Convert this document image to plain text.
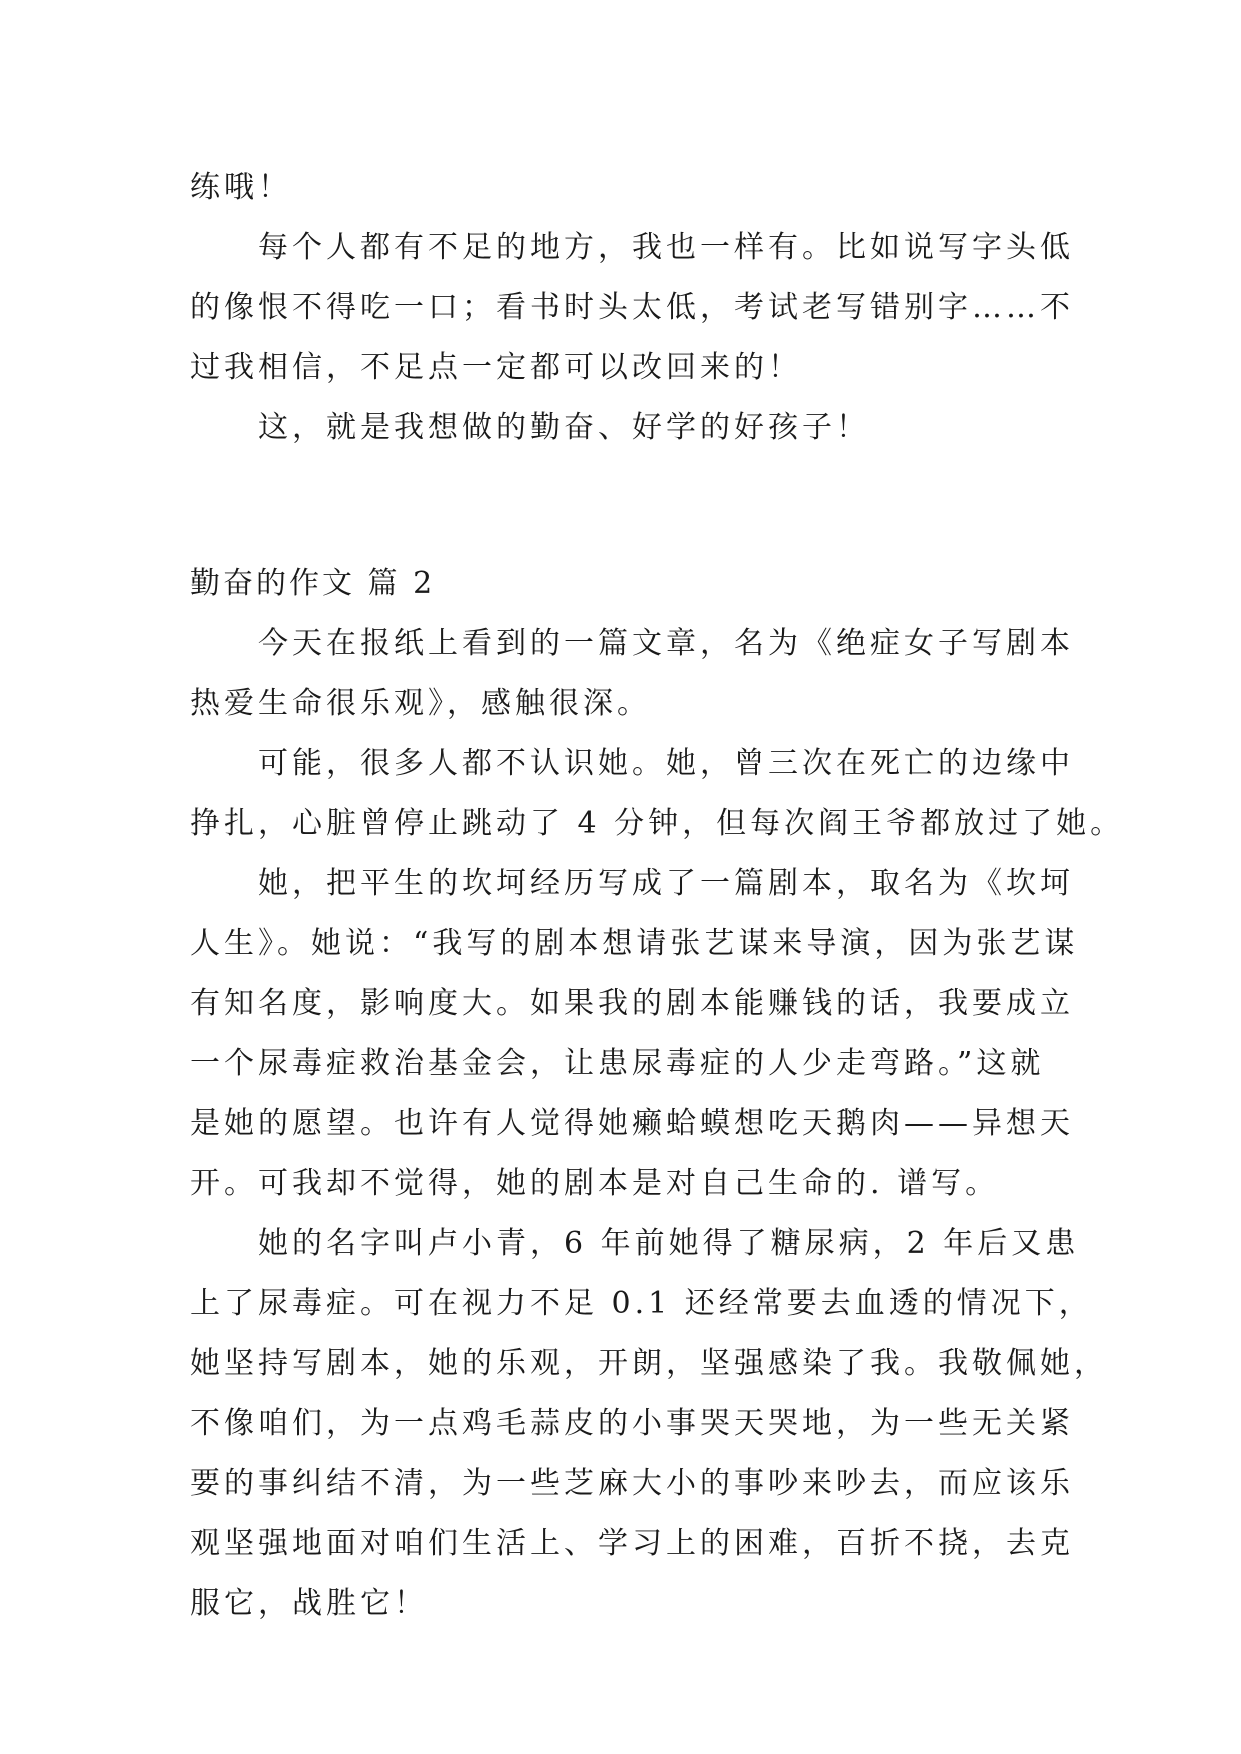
练哦！
每个人都有不足的地方，我也一样有。比如说写字头低
的像恨不得吃一口；看书时头太低，考试老写错别字……不
过我相信，不足点一定都可以改回来的！
这，就是我想做的勤奋、好学的好孩子！
勤奋的作文 篇 2
今天在报纸上看到的一篇文章，名为《绝症女子写剧本
热爱生命很乐观》，感触很深。
可能，很多人都不认识她。她，曾三次在死亡的边缘中
挣扎，心脏曾停止跳动了 4 分钟，但每次阎王爷都放过了她。
她，把平生的坎坷经历写成了一篇剧本，取名为《坎坷
人生》。她说：“我写的剧本想请张艺谋来导演，因为张艺谋
有知名度，影响度大。如果我的剧本能赚钱的话，我要成立
一个尿毒症救治基金会，让患尿毒症的人少走弯路。”这就
是她的愿望。也许有人觉得她癞蛤蟆想吃天鹅肉——异想天
开。可我却不觉得，她的剧本是对自己生命的. 谱写。
她的名字叫卢小青，6 年前她得了糖尿病，2 年后又患
上了尿毒症。可在视力不足 0.1 还经常要去血透的情况下，
她坚持写剧本，她的乐观，开朗，坚强感染了我。我敬佩她，
不像咱们，为一点鸡毛蒜皮的小事哭天哭地，为一些无关紧
要的事纠结不清，为一些芝麻大小的事吵来吵去，而应该乐
观坚强地面对咱们生活上、学习上的困难，百折不挠，去克
服它，战胜它！
